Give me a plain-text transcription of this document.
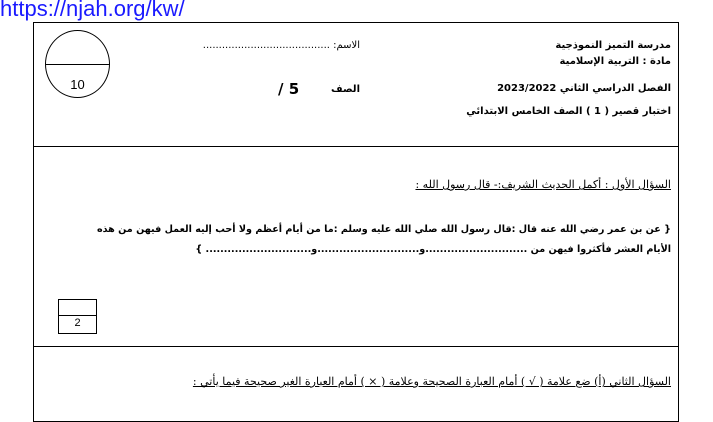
https://njah.org/kw/
10
مدرسة التميز النموذجية
مادة : التربية الإسلامية
الفصل الدراسي الثاني 2023/2022
اختبار قصير ( 1 ) الصف الخامس الابتدائي
الاسم: ........................................
الصف
/ 5
السؤال الأول : أكمل الحديث الشريف:- قال رسول الله :
{ عن بن عمر رضي الله عنه قال :قال رسول الله صلي الله عليه وسلم :ما من أيام أعظم ولا أحب إليه العمل فيهن من هذه
الأيام العشر فأكثروا فيهن من ............................و............................و............................. }
2
السؤال الثاني (أ) ضع علامة ( √ ) أمام العبارة الصحيحة وعلامة ( × ) أمام العبارة الغير صحيحة فيما يأتي :
